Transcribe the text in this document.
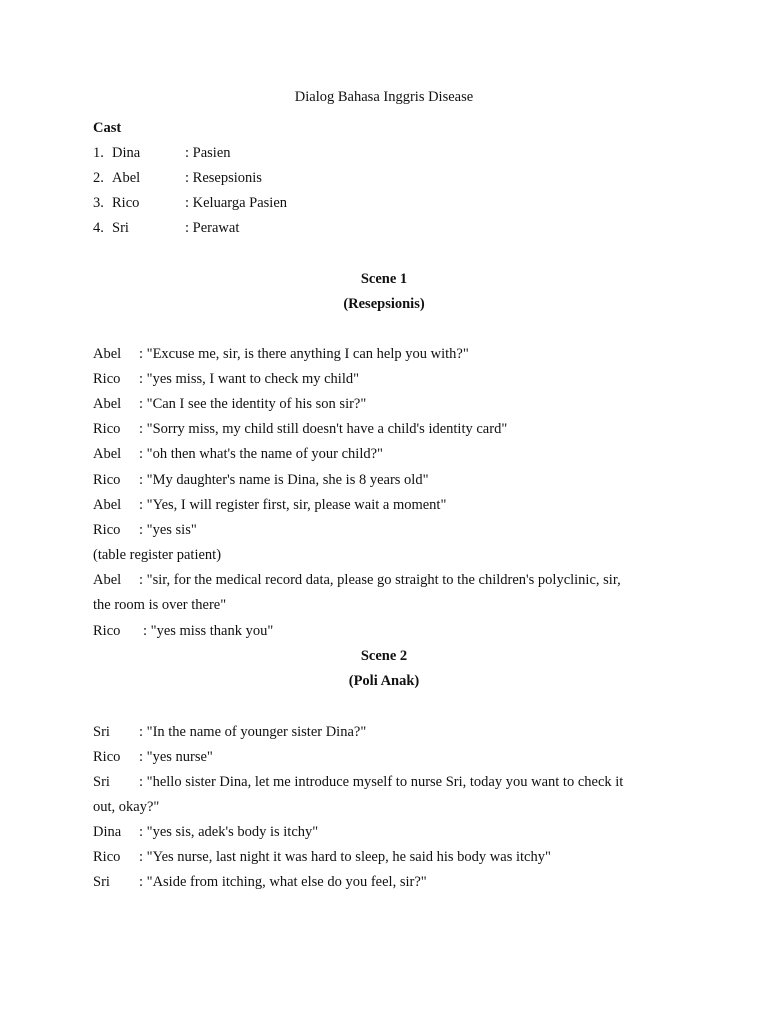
Dialog Bahasa Inggris Disease
Cast
1. Dina	: Pasien
2. Abel	: Resepsionis
3. Rico	: Keluarga Pasien
4. Sri	: Perawat
Scene 1
(Resepsionis)
Abel : "Excuse me, sir, is there anything I can help you with?"
Rico : "yes miss, I want to check my child"
Abel : "Can I see the identity of his son sir?"
Rico : "Sorry miss, my child still doesn't have a child's identity card"
Abel : "oh then what's the name of your child?"
Rico : "My daughter's name is Dina, she is 8 years old"
Abel : "Yes, I will register first, sir, please wait a moment"
Rico : "yes sis"
(table register patient)
Abel : "sir, for the medical record data, please go straight to the children's polyclinic, sir,
the room is over there"
Rico : "yes miss thank you"
Scene 2
(Poli Anak)
Sri : "In the name of younger sister Dina?"
Rico : "yes nurse"
Sri : "hello sister Dina, let me introduce myself to nurse Sri, today you want to check it
out, okay?"
Dina : "yes sis, adek's body is itchy"
Rico : "Yes nurse, last night it was hard to sleep, he said his body was itchy"
Sri : "Aside from itching, what else do you feel, sir?"
